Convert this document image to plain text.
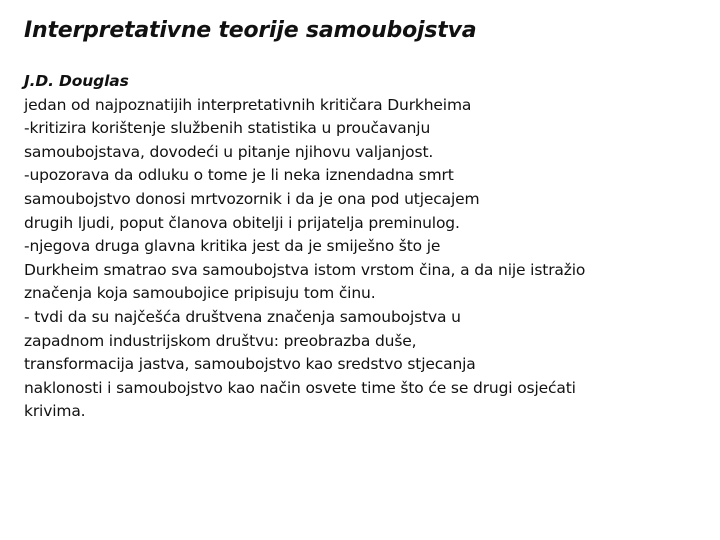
Interpretativne teorije samoubojstva
J.D. Douglas
jedan od najpoznatijih interpretativnih kritičara Durkheima
-kritizira korištenje službenih statistika u proučavanju
samoubojstava, dovodeći u pitanje njihovu valjanjost.
-upozorava da odluku o tome je li neka iznendadna smrt
samoubojstvo donosi mrtvozornik i da je ona pod utjecajem
drugih ljudi, poput članova obitelji i prijatelja preminulog.
-njegova druga glavna kritika jest da je smiješno što je
Durkheim smatrao sva samoubojstva istom vrstom čina, a da nije istražio
značenja koja samoubojice pripisuju tom činu.
- tvdi da su najčešća društvena značenja samoubojstva u
zapadnom industrijskom društvu: preobrazba duše,
transformacija jastva, samoubojstvo kao sredstvo stjecanja
naklonosti i samoubojstvo kao način osvete time što će se drugi osjećati
krivima.
